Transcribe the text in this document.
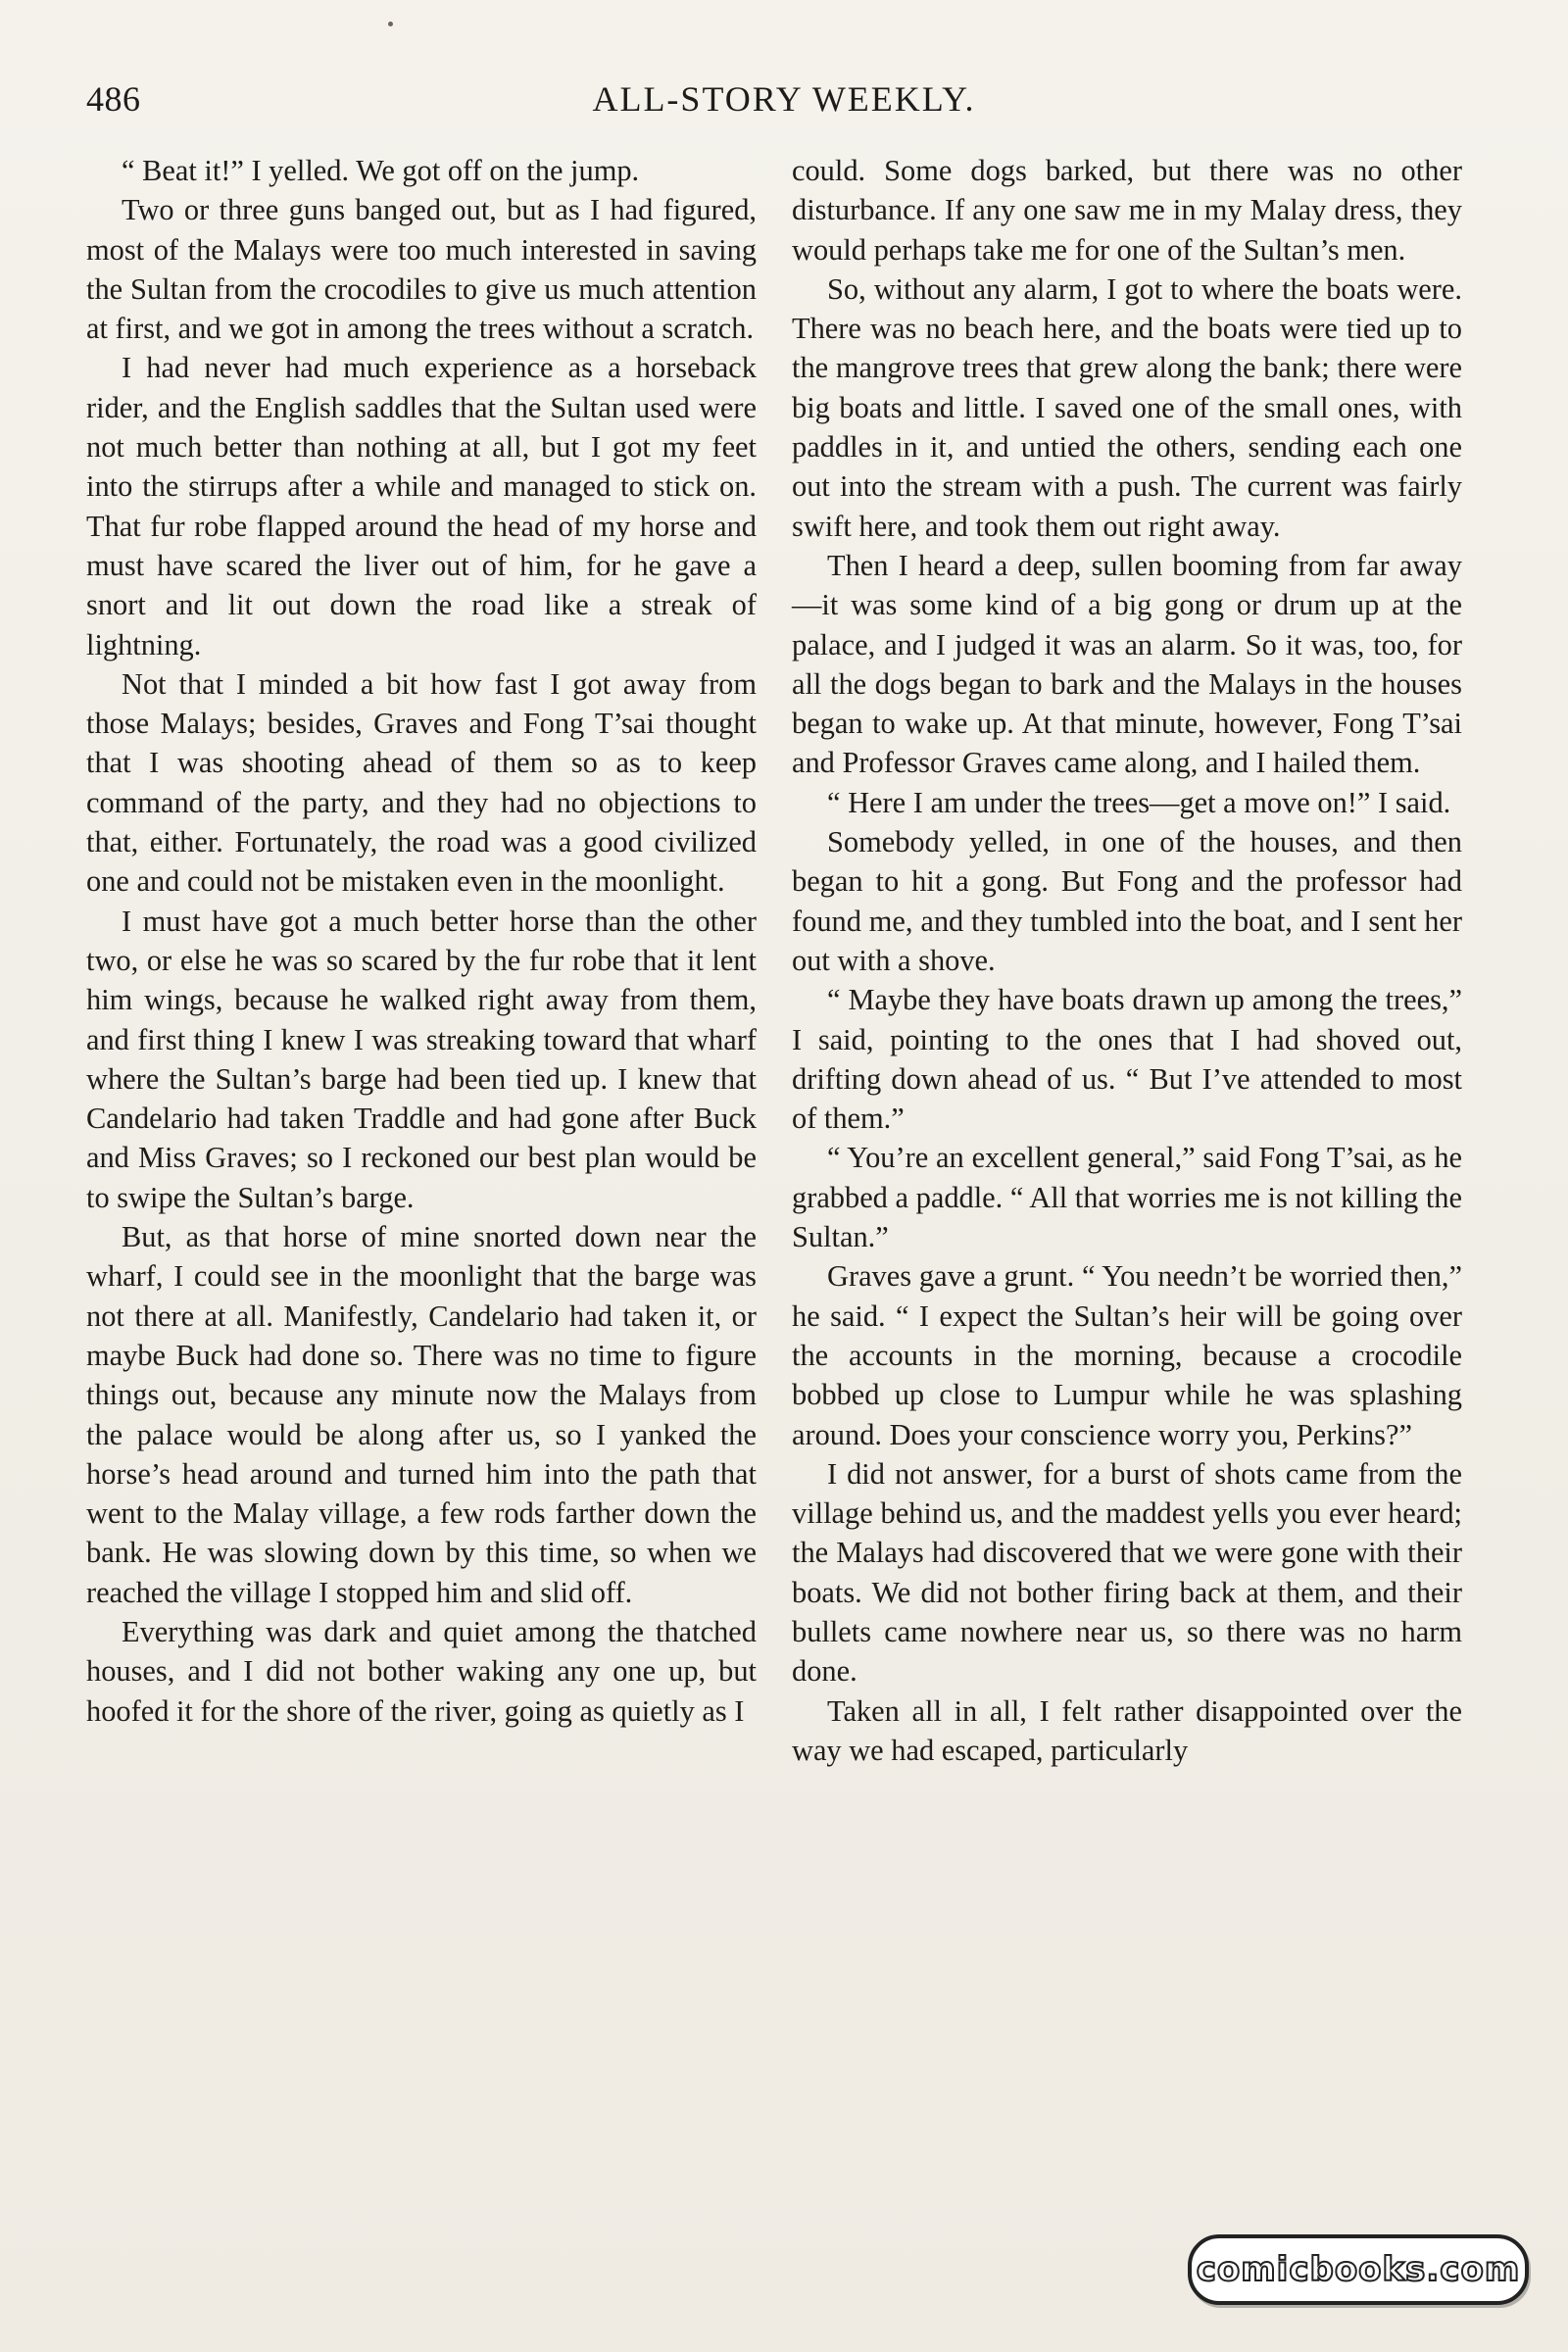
486	ALL-STORY WEEKLY.

“ Beat it!” I yelled. We got off on the jump.

Two or three guns banged out, but as I had figured, most of the Malays were too much interested in saving the Sultan from the crocodiles to give us much attention at first, and we got in among the trees without a scratch.

I had never had much experience as a horseback rider, and the English saddles that the Sultan used were not much better than nothing at all, but I got my feet into the stirrups after a while and managed to stick on. That fur robe flapped around the head of my horse and must have scared the liver out of him, for he gave a snort and lit out down the road like a streak of lightning.

Not that I minded a bit how fast I got away from those Malays; besides, Graves and Fong T’sai thought that I was shooting ahead of them so as to keep command of the party, and they had no objections to that, either. Fortunately, the road was a good civilized one and could not be mistaken even in the moonlight.

I must have got a much better horse than the other two, or else he was so scared by the fur robe that it lent him wings, because he walked right away from them, and first thing I knew I was streaking toward that wharf where the Sultan’s barge had been tied up. I knew that Candelario had taken Traddle and had gone after Buck and Miss Graves; so I reckoned our best plan would be to swipe the Sultan’s barge.

But, as that horse of mine snorted down near the wharf, I could see in the moonlight that the barge was not there at all. Manifestly, Candelario had taken it, or maybe Buck had done so. There was no time to figure things out, because any minute now the Malays from the palace would be along after us, so I yanked the horse’s head around and turned him into the path that went to the Malay village, a few rods farther down the bank. He was slowing down by this time, so when we reached the village I stopped him and slid off.

Everything was dark and quiet among the thatched houses, and I did not bother waking any one up, but hoofed it for the shore of the river, going as quietly as I

could. Some dogs barked, but there was no other disturbance. If any one saw me in my Malay dress, they would perhaps take me for one of the Sultan’s men.

So, without any alarm, I got to where the boats were. There was no beach here, and the boats were tied up to the mangrove trees that grew along the bank; there were big boats and little. I saved one of the small ones, with paddles in it, and untied the others, sending each one out into the stream with a push. The current was fairly swift here, and took them out right away.

Then I heard a deep, sullen booming from far away—it was some kind of a big gong or drum up at the palace, and I judged it was an alarm. So it was, too, for all the dogs began to bark and the Malays in the houses began to wake up. At that minute, however, Fong T’sai and Professor Graves came along, and I hailed them.

“ Here I am under the trees—get a move on!” I said.

Somebody yelled, in one of the houses, and then began to hit a gong. But Fong and the professor had found me, and they tumbled into the boat, and I sent her out with a shove.

“ Maybe they have boats drawn up among the trees,” I said, pointing to the ones that I had shoved out, drifting down ahead of us. “ But I’ve attended to most of them.”

“ You’re an excellent general,” said Fong T’sai, as he grabbed a paddle. “ All that worries me is not killing the Sultan.”

Graves gave a grunt. “ You needn’t be worried then,” he said. “ I expect the Sultan’s heir will be going over the accounts in the morning, because a crocodile bobbed up close to Lumpur while he was splashing around. Does your conscience worry you, Perkins?”

I did not answer, for a burst of shots came from the village behind us, and the maddest yells you ever heard; the Malays had discovered that we were gone with their boats. We did not bother firing back at them, and their bullets came nowhere near us, so there was no harm done.

Taken all in all, I felt rather disappointed over the way we had escaped, particularly

comicbooks.com
